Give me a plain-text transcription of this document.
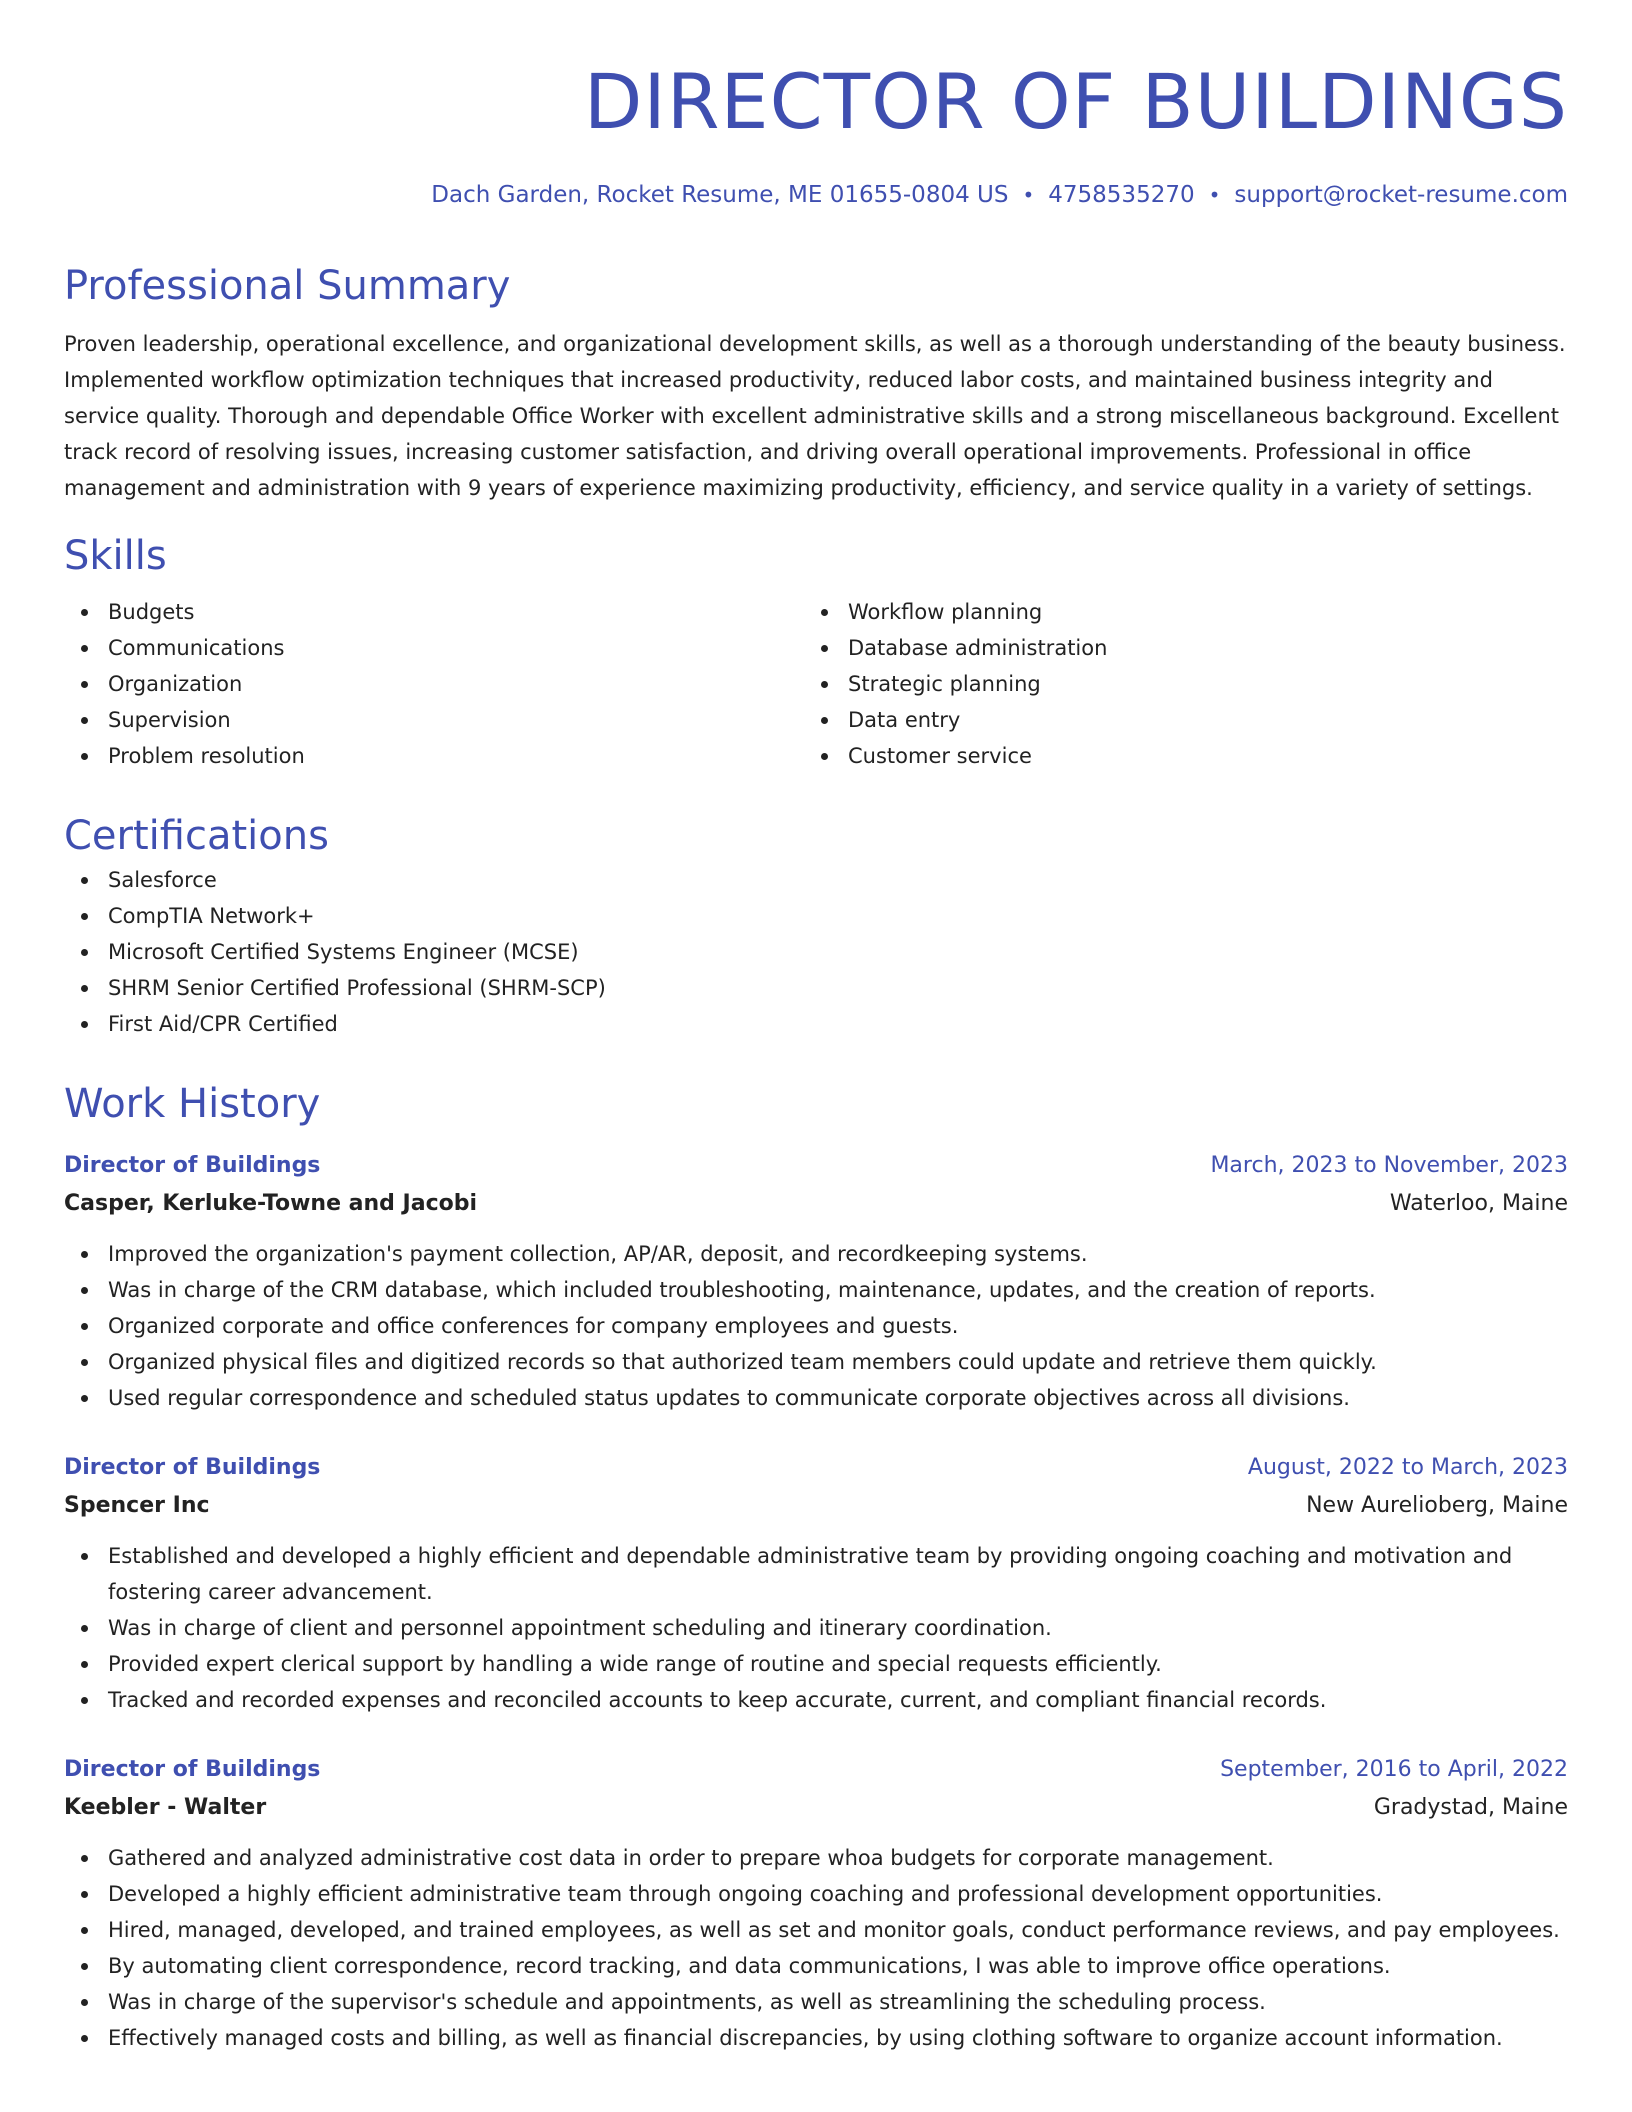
DIRECTOR OF BUILDINGS
Dach Garden, Rocket Resume, ME 01655-0804 US • 4758535270 • support@rocket-resume.com
Professional Summary
Proven leadership, operational excellence, and organizational development skills, as well as a thorough understanding of the beauty business. Implemented workflow optimization techniques that increased productivity, reduced labor costs, and maintained business integrity and service quality. Thorough and dependable Office Worker with excellent administrative skills and a strong miscellaneous background. Excellent track record of resolving issues, increasing customer satisfaction, and driving overall operational improvements. Professional in office management and administration with 9 years of experience maximizing productivity, efficiency, and service quality in a variety of settings.
Skills
Budgets
Communications
Organization
Supervision
Problem resolution
Workflow planning
Database administration
Strategic planning
Data entry
Customer service
Certifications
Salesforce
CompTIA Network+
Microsoft Certified Systems Engineer (MCSE)
SHRM Senior Certified Professional (SHRM-SCP)
First Aid/CPR Certified
Work History
Director of Buildings	March, 2023 to November, 2023
Casper, Kerluke-Towne and Jacobi	Waterloo, Maine
Improved the organization's payment collection, AP/AR, deposit, and recordkeeping systems.
Was in charge of the CRM database, which included troubleshooting, maintenance, updates, and the creation of reports.
Organized corporate and office conferences for company employees and guests.
Organized physical files and digitized records so that authorized team members could update and retrieve them quickly.
Used regular correspondence and scheduled status updates to communicate corporate objectives across all divisions.
Director of Buildings	August, 2022 to March, 2023
Spencer Inc	New Aurelioberg, Maine
Established and developed a highly efficient and dependable administrative team by providing ongoing coaching and motivation and fostering career advancement.
Was in charge of client and personnel appointment scheduling and itinerary coordination.
Provided expert clerical support by handling a wide range of routine and special requests efficiently.
Tracked and recorded expenses and reconciled accounts to keep accurate, current, and compliant financial records.
Director of Buildings	September, 2016 to April, 2022
Keebler - Walter	Gradystad, Maine
Gathered and analyzed administrative cost data in order to prepare whoa budgets for corporate management.
Developed a highly efficient administrative team through ongoing coaching and professional development opportunities.
Hired, managed, developed, and trained employees, as well as set and monitor goals, conduct performance reviews, and pay employees.
By automating client correspondence, record tracking, and data communications, I was able to improve office operations.
Was in charge of the supervisor's schedule and appointments, as well as streamlining the scheduling process.
Effectively managed costs and billing, as well as financial discrepancies, by using clothing software to organize account information.
